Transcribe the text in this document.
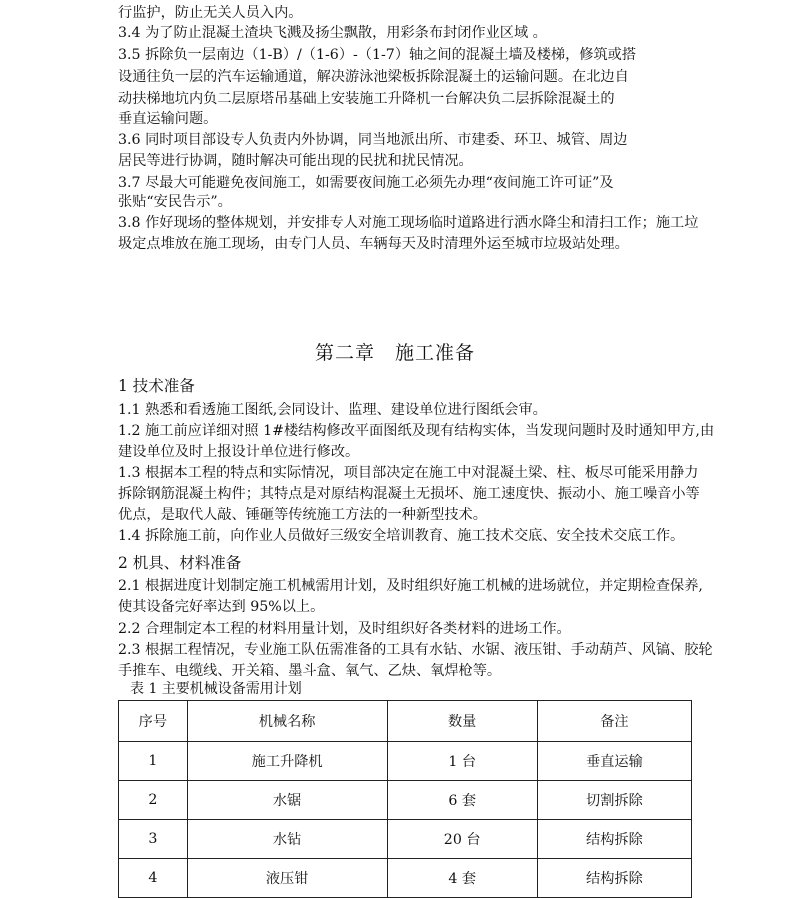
行监护，防止无关人员入内。
3.4 为了防止混凝土渣块飞溅及扬尘飘散，用彩条布封闭作业区域 。
3.5 拆除负一层南边（1-B）/（1-6）-（1-7）轴之间的混凝土墙及楼梯，修筑或搭
设通往负一层的汽车运输通道，解决游泳池梁板拆除混凝土的运输问题。在北边自
动扶梯地坑内负二层原塔吊基础上安装施工升降机一台解决负二层拆除混凝土的
垂直运输问题。
3.6 同时项目部设专人负责内外协调，同当地派出所、市建委、环卫、城管、周边
居民等进行协调，随时解决可能出现的民扰和扰民情况。
3.7 尽最大可能避免夜间施工，如需要夜间施工必须先办理“夜间施工许可证”及
张贴“安民告示”。
3.8 作好现场的整体规划，并安排专人对施工现场临时道路进行洒水降尘和清扫工作；施工垃
圾定点堆放在施工现场，由专门人员、车辆每天及时清理外运至城市垃圾站处理。
第二章　施工准备
1 技术准备
1.1 熟悉和看透施工图纸,会同设计、监理、建设单位进行图纸会审。
1.2 施工前应详细对照 1#楼结构修改平面图纸及现有结构实体，当发现问题时及时通知甲方,由
建设单位及时上报设计单位进行修改。
1.3 根据本工程的特点和实际情况，项目部决定在施工中对混凝土梁、柱、板尽可能采用静力
拆除钢筋混凝土构件；其特点是对原结构混凝土无损坏、施工速度快、振动小、施工噪音小等
优点，是取代人敲、锤砸等传统施工方法的一种新型技术。
1.4 拆除施工前，向作业人员做好三级安全培训教育、施工技术交底、安全技术交底工作。
2 机具、材料准备
2.1 根据进度计划制定施工机械需用计划，及时组织好施工机械的进场就位，并定期检查保养,
使其设备完好率达到 95%以上。
2.2 合理制定本工程的材料用量计划，及时组织好各类材料的进场工作。
2.3 根据工程情况，专业施工队伍需准备的工具有水钻、水锯、液压钳、手动葫芦、风镐、胶轮
手推车、电缆线、开关箱、墨斗盒、氧气、乙炔、氧焊枪等。
表 1 主要机械设备需用计划
序号	机械名称	数量	备注
1	施工升降机	1 台	垂直运输
2	水锯	6 套	切割拆除
3	水钻	20 台	结构拆除
4	液压钳	4 套	结构拆除
